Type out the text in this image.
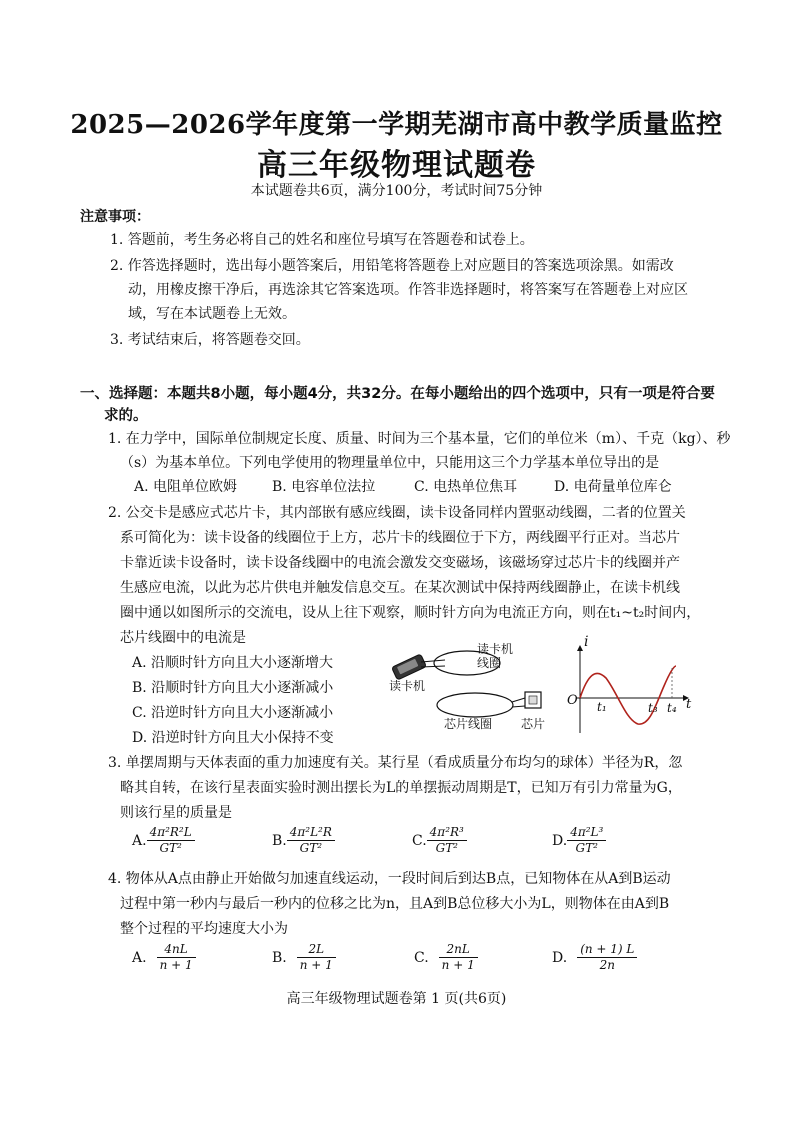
2025—2026学年度第一学期芜湖市高中教学质量监控
高三年级物理试题卷
本试题卷共6页，满分100分，考试时间75分钟
注意事项：
1. 答题前，考生务必将自己的姓名和座位号填写在答题卷和试卷上。
2. 作答选择题时，选出每小题答案后，用铅笔将答题卷上对应题目的答案选项涂黑。如需改
动，用橡皮擦干净后，再选涂其它答案选项。作答非选择题时，将答案写在答题卷上对应区
域，写在本试题卷上无效。
3. 考试结束后，将答题卷交回。
一、选择题：本题共8小题，每小题4分，共32分。在每小题给出的四个选项中，只有一项是符合要
求的。
1. 在力学中，国际单位制规定长度、质量、时间为三个基本量，它们的单位米（m）、千克（kg）、秒
（s）为基本单位。下列电学使用的物理量单位中，只能用这三个力学基本单位导出的是
A. 电阻单位欧姆 B. 电容单位法拉	C. 电热单位焦耳	D. 电荷量单位库仑
2. 公交卡是感应式芯片卡，其内部嵌有感应线圈，读卡设备同样内置驱动线圈，二者的位置关
系可简化为：读卡设备的线圈位于上方，芯片卡的线圈位于下方，两线圈平行正对。当芯片
卡靠近读卡设备时，读卡设备线圈中的电流会激发交变磁场，该磁场穿过芯片卡的线圈并产
生感应电流，以此为芯片供电并触发信息交互。在某次测试中保持两线圈静止，在读卡机线
圈中通以如图所示的交流电，设从上往下观察，顺时针方向为电流正方向，则在t₁~t₂时间内，
芯片线圈中的电流是
A. 沿顺时针方向且大小逐渐增大
B. 沿顺时针方向且大小逐渐减小
C. 沿逆时针方向且大小逐渐减小
D. 沿逆时针方向且大小保持不变
读卡机
线圈
读卡机
芯片线圈 芯片
i
O	t
t₁	t₃ t₄
3. 单摆周期与天体表面的重力加速度有关。某行星（看成质量分布均匀的球体）半径为R，忽
略其自转，在该行星表面实验时测出摆长为L的单摆振动周期是T，已知万有引力常量为G，
则该行星的质量是
A. $\frac{\text{4π²R²L}}{\text{GT²}}$	B. $\frac{\text{4π²L²R}}{\text{GT²}}$	C. $\frac{\text{4π²R³}}{\text{GT²}}$	D. $\frac{\text{4π²L³}}{\text{GT²}}$
4. 物体从A点由静止开始做匀加速直线运动，一段时间后到达B点，已知物体在从A到B运动
过程中第一秒内与最后一秒内的位移之比为n，且A到B总位移大小为L，则物体在由A到B
整个过程的平均速度大小为
A. $\frac{4nL}{n + 1}$	B. $\frac{2L}{n + 1}$	C. $\frac{2nL}{n + 1}$	D. $\frac{(n + 1) L}{2n}$
高三年级物理试题卷第 1 页(共6页)
